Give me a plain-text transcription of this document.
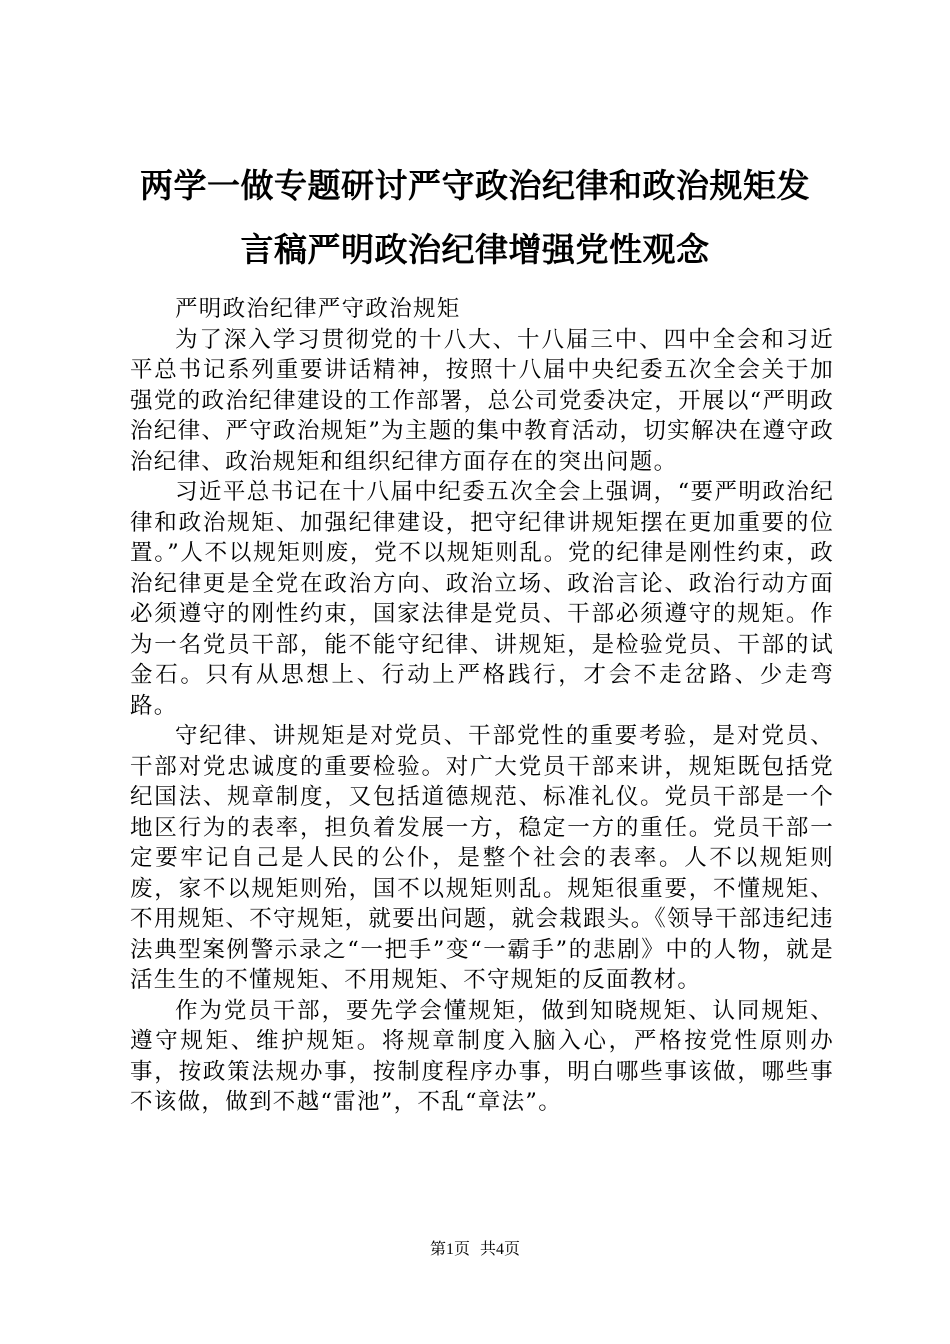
两学一做专题研讨严守政治纪律和政治规矩发
言稿严明政治纪律增强党性观念

严明政治纪律严守政治规矩

为了深入学习贯彻党的十八大、十八届三中、四中全会和习近平总书记系列重要讲话精神，按照十八届中央纪委五次全会关于加强党的政治纪律建设的工作部署，总公司党委决定，开展以“严明政治纪律、严守政治规矩”为主题的集中教育活动，切实解决在遵守政治纪律、政治规矩和组织纪律方面存在的突出问题。

习近平总书记在十八届中纪委五次全会上强调，“要严明政治纪律和政治规矩、加强纪律建设，把守纪律讲规矩摆在更加重要的位置。”人不以规矩则废，党不以规矩则乱。党的纪律是刚性约束，政治纪律更是全党在政治方向、政治立场、政治言论、政治行动方面必须遵守的刚性约束，国家法律是党员、干部必须遵守的规矩。作为一名党员干部，能不能守纪律、讲规矩，是检验党员、干部的试金石。只有从思想上、行动上严格践行，才会不走岔路、少走弯路。

守纪律、讲规矩是对党员、干部党性的重要考验，是对党员、干部对党忠诚度的重要检验。对广大党员干部来讲，规矩既包括党纪国法、规章制度，又包括道德规范、标准礼仪。党员干部是一个地区行为的表率，担负着发展一方，稳定一方的重任。党员干部一定要牢记自己是人民的公仆，是整个社会的表率。人不以规矩则废，家不以规矩则殆，国不以规矩则乱。规矩很重要，不懂规矩、不用规矩、不守规矩，就要出问题，就会栽跟头。《领导干部违纪违法典型案例警示录之“一把手”变“一霸手”的悲剧》中的人物，就是活生生的不懂规矩、不用规矩、不守规矩的反面教材。

作为党员干部，要先学会懂规矩，做到知晓规矩、认同规矩、遵守规矩、维护规矩。将规章制度入脑入心，严格按党性原则办事，按政策法规办事，按制度程序办事，明白哪些事该做，哪些事不该做，做到不越“雷池”，不乱“章法”。

第1页 共4页
